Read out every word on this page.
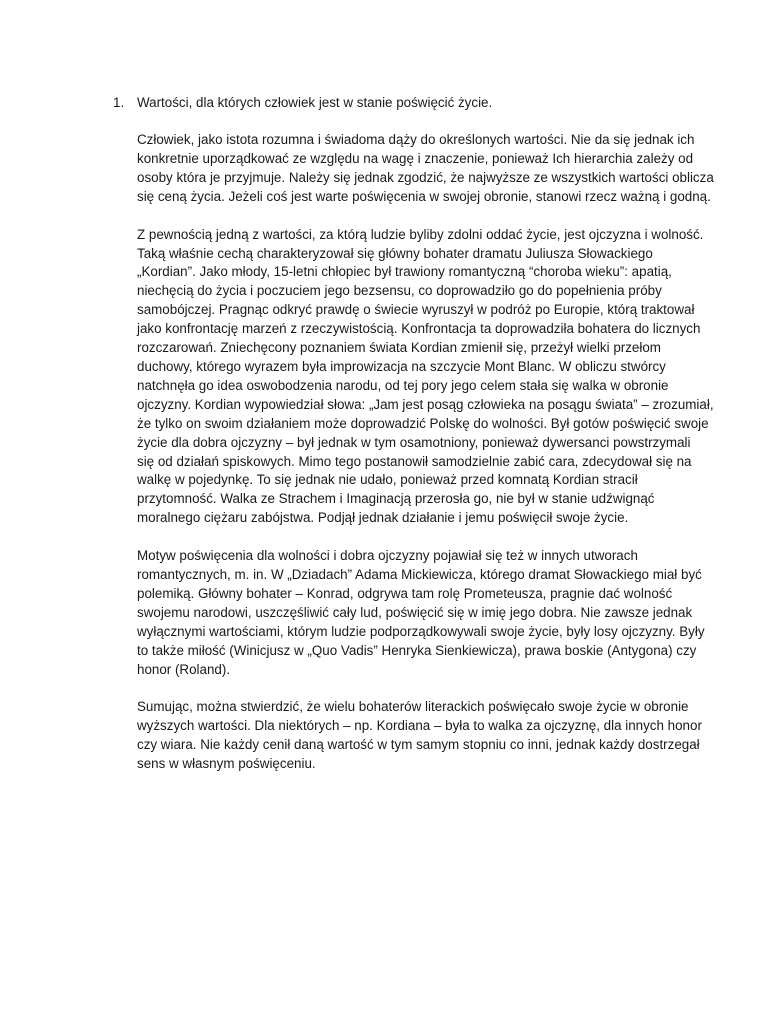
1. Wartości, dla których człowiek jest w stanie poświęcić życie.
Człowiek, jako istota rozumna i świadoma dąży do określonych wartości. Nie da się jednak ich
konkretnie uporządkować ze względu na wagę i znaczenie, ponieważ Ich hierarchia zależy od
osoby która je przyjmuje. Należy się jednak zgodzić, że najwyższe ze wszystkich wartości oblicza
się ceną życia. Jeżeli coś jest warte poświęcenia w swojej obronie, stanowi rzecz ważną i godną.
Z pewnością jedną z wartości, za którą ludzie byliby zdolni oddać życie, jest ojczyzna i wolność.
Taką właśnie cechą charakteryzował się główny bohater dramatu Juliusza Słowackiego
„Kordian”. Jako młody, 15-letni chłopiec był trawiony romantyczną “choroba wieku”: apatią,
niechęcią do życia i poczuciem jego bezsensu, co doprowadziło go do popełnienia próby
samobójczej. Pragnąc odkryć prawdę o świecie wyruszył w podróż po Europie, którą traktował
jako konfrontację marzeń z rzeczywistością. Konfrontacja ta doprowadziła bohatera do licznych
rozczarowań. Zniechęcony poznaniem świata Kordian zmienił się, przeżył wielki przełom
duchowy, którego wyrazem była improwizacja na szczycie Mont Blanc. W obliczu stwórcy
natchnęła go idea oswobodzenia narodu, od tej pory jego celem stała się walka w obronie
ojczyzny. Kordian wypowiedział słowa: „Jam jest posąg człowieka na posągu świata” – zrozumiał,
że tylko on swoim działaniem może doprowadzić Polskę do wolności. Był gotów poświęcić swoje
życie dla dobra ojczyzny – był jednak w tym osamotniony, ponieważ dywersanci powstrzymali
się od działań spiskowych. Mimo tego postanowił samodzielnie zabić cara, zdecydował się na
walkę w pojedynkę. To się jednak nie udało, ponieważ przed komnatą Kordian stracił
przytomność. Walka ze Strachem i Imaginacją przerosła go, nie był w stanie udźwignąć
moralnego ciężaru zabójstwa. Podjął jednak działanie i jemu poświęcił swoje życie.
Motyw poświęcenia dla wolności i dobra ojczyzny pojawiał się też w innych utworach
romantycznych, m. in. W „Dziadach” Adama Mickiewicza, którego dramat Słowackiego miał być
polemiką. Główny bohater – Konrad, odgrywa tam rolę Prometeusza, pragnie dać wolność
swojemu narodowi, uszczęśliwić cały lud, poświęcić się w imię jego dobra. Nie zawsze jednak
wyłącznymi wartościami, którym ludzie podporządkowywali swoje życie, były losy ojczyzny. Były
to także miłość (Winicjusz w „Quo Vadis” Henryka Sienkiewicza), prawa boskie (Antygona) czy
honor (Roland).
Sumując, można stwierdzić, że wielu bohaterów literackich poświęcało swoje życie w obronie
wyższych wartości. Dla niektórych – np. Kordiana – była to walka za ojczyznę, dla innych honor
czy wiara. Nie każdy cenił daną wartość w tym samym stopniu co inni, jednak każdy dostrzegał
sens w własnym poświęceniu.
